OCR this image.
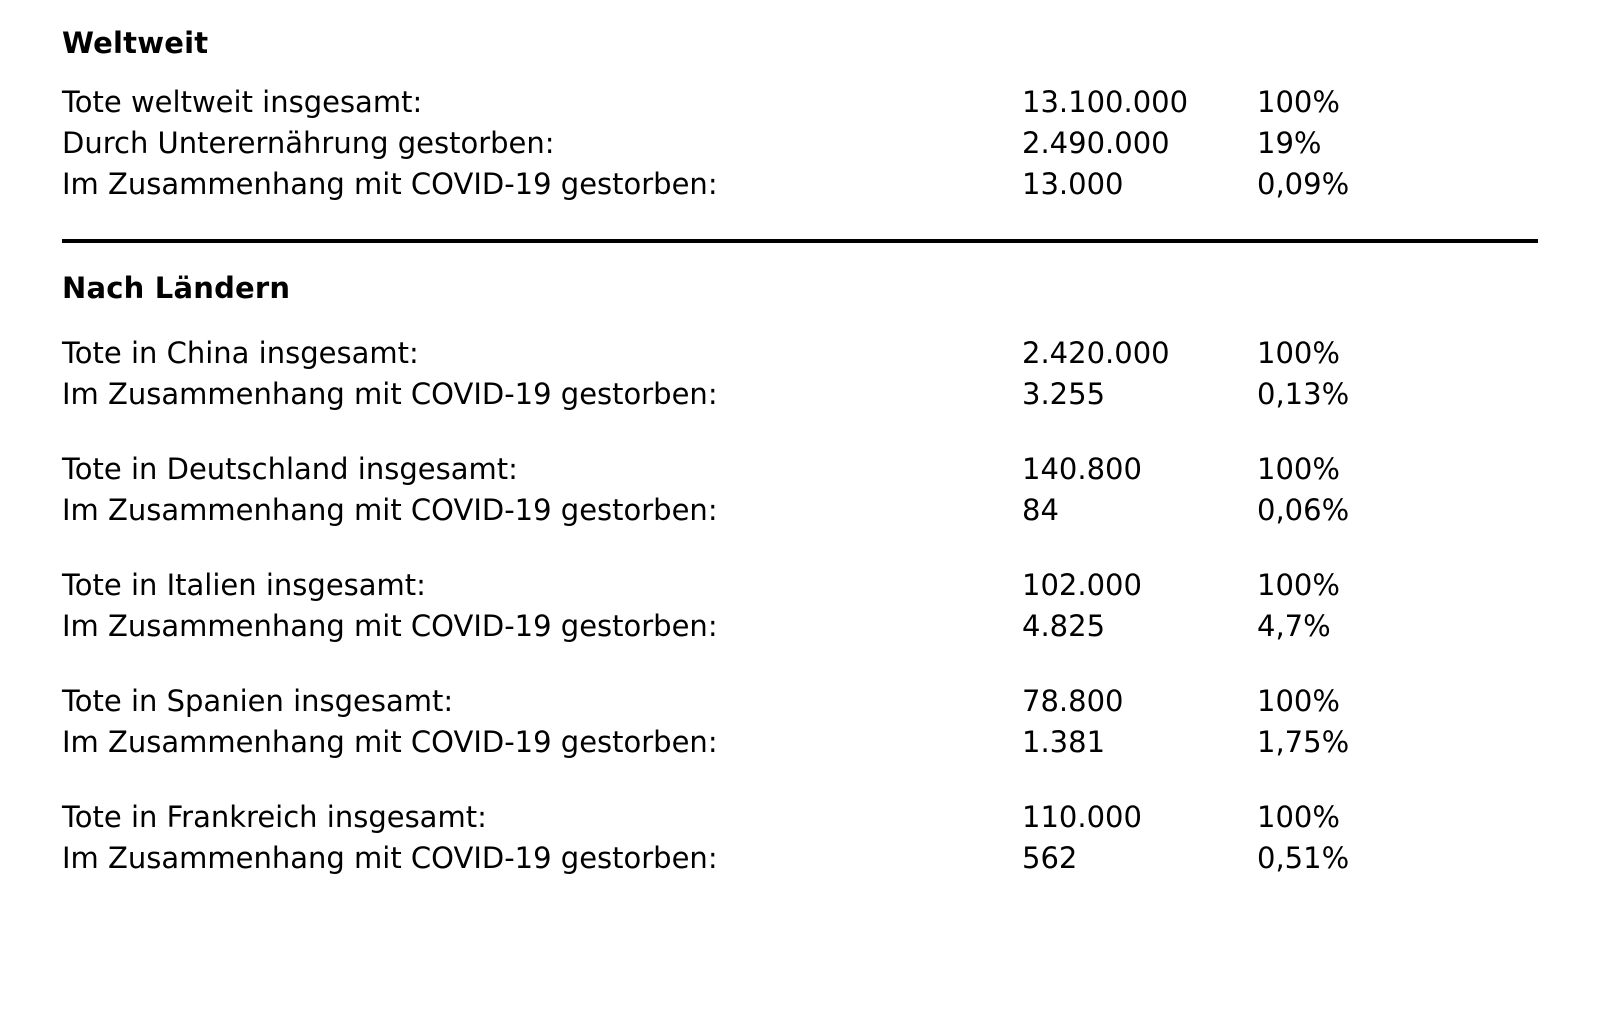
Weltweit
Tote weltweit insgesamt:	13.100.000	100%
Durch Unterernährung gestorben:	2.490.000	19%
Im Zusammenhang mit COVID-19 gestorben:	13.000	0,09%
Nach Ländern
Tote in China insgesamt:	2.420.000	100%
Im Zusammenhang mit COVID-19 gestorben:	3.255	0,13%
Tote in Deutschland insgesamt:	140.800	100%
Im Zusammenhang mit COVID-19 gestorben:	84	0,06%
Tote in Italien insgesamt:	102.000	100%
Im Zusammenhang mit COVID-19 gestorben:	4.825	4,7%
Tote in Spanien insgesamt:	78.800	100%
Im Zusammenhang mit COVID-19 gestorben:	1.381	1,75%
Tote in Frankreich insgesamt:	110.000	100%
Im Zusammenhang mit COVID-19 gestorben:	562	0,51%
